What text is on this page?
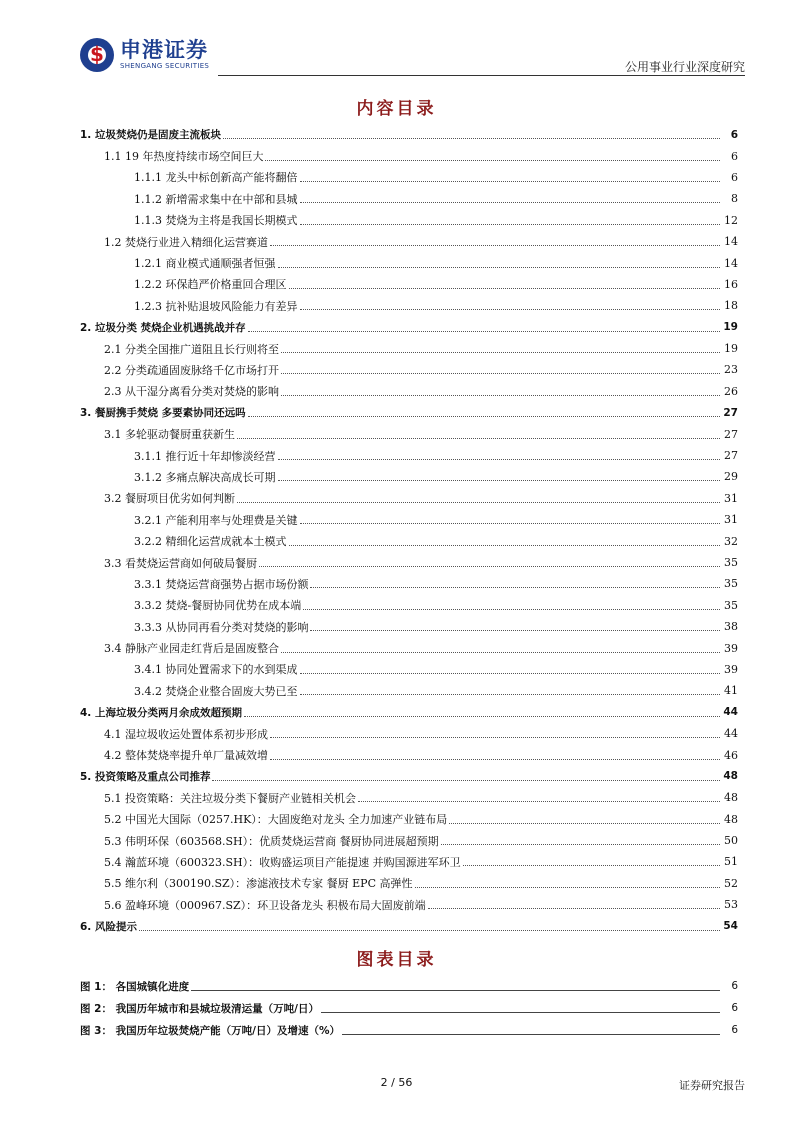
$
申港证券
SHENGANG SECURITIES	公用事业行业深度研究
内容目录
1. 垃圾焚烧仍是固废主流板块	6
1.1 19 年热度持续市场空间巨大	6
1.1.1 龙头中标创新高产能将翻倍	6
1.1.2 新增需求集中在中部和县城	8
1.1.3 焚烧为主将是我国长期模式	12
1.2 焚烧行业进入精细化运营赛道	14
1.2.1 商业模式通顺强者恒强	14
1.2.2 环保趋严价格重回合理区	16
1.2.3 抗补贴退坡风险能力有差异	18
2. 垃圾分类 焚烧企业机遇挑战并存	19
2.1 分类全国推广道阻且长行则将至	19
2.2 分类疏通固废脉络千亿市场打开	23
2.3 从干湿分离看分类对焚烧的影响	26
3. 餐厨携手焚烧 多要素协同还远吗	27
3.1 多轮驱动餐厨重获新生	27
3.1.1 推行近十年却惨淡经营	27
3.1.2 多痛点解决高成长可期	29
3.2 餐厨项目优劣如何判断	31
3.2.1 产能利用率与处理费是关键	31
3.2.2 精细化运营成就本土模式	32
3.3 看焚烧运营商如何破局餐厨	35
3.3.1 焚烧运营商强势占据市场份额	35
3.3.2 焚烧-餐厨协同优势在成本端	35
3.3.3 从协同再看分类对焚烧的影响	38
3.4 静脉产业园走红背后是固废整合	39
3.4.1 协同处置需求下的水到渠成	39
3.4.2 焚烧企业整合固废大势已至	41
4. 上海垃圾分类两月余成效超预期	44
4.1 湿垃圾收运处置体系初步形成	44
4.2 整体焚烧率提升单厂量减效增	46
5. 投资策略及重点公司推荐	48
5.1 投资策略：关注垃圾分类下餐厨产业链相关机会	48
5.2 中国光大国际（0257.HK）：大固废绝对龙头 全力加速产业链布局	48
5.3 伟明环保（603568.SH）：优质焚烧运营商 餐厨协同进展超预期	50
5.4 瀚蓝环境（600323.SH）：收购盛运项目产能提速 并购国源进军环卫	51
5.5 维尔利（300190.SZ）：渗滤液技术专家 餐厨 EPC 高弹性	52
5.6 盈峰环境（000967.SZ）：环卫设备龙头 积极布局大固废前端	53
6. 风险提示	54
图表目录
图 1： 各国城镇化进度	6
图 2： 我国历年城市和县城垃圾清运量（万吨/日）	6
图 3： 我国历年垃圾焚烧产能（万吨/日）及增速（%）	6
2 / 56	证券研究报告
